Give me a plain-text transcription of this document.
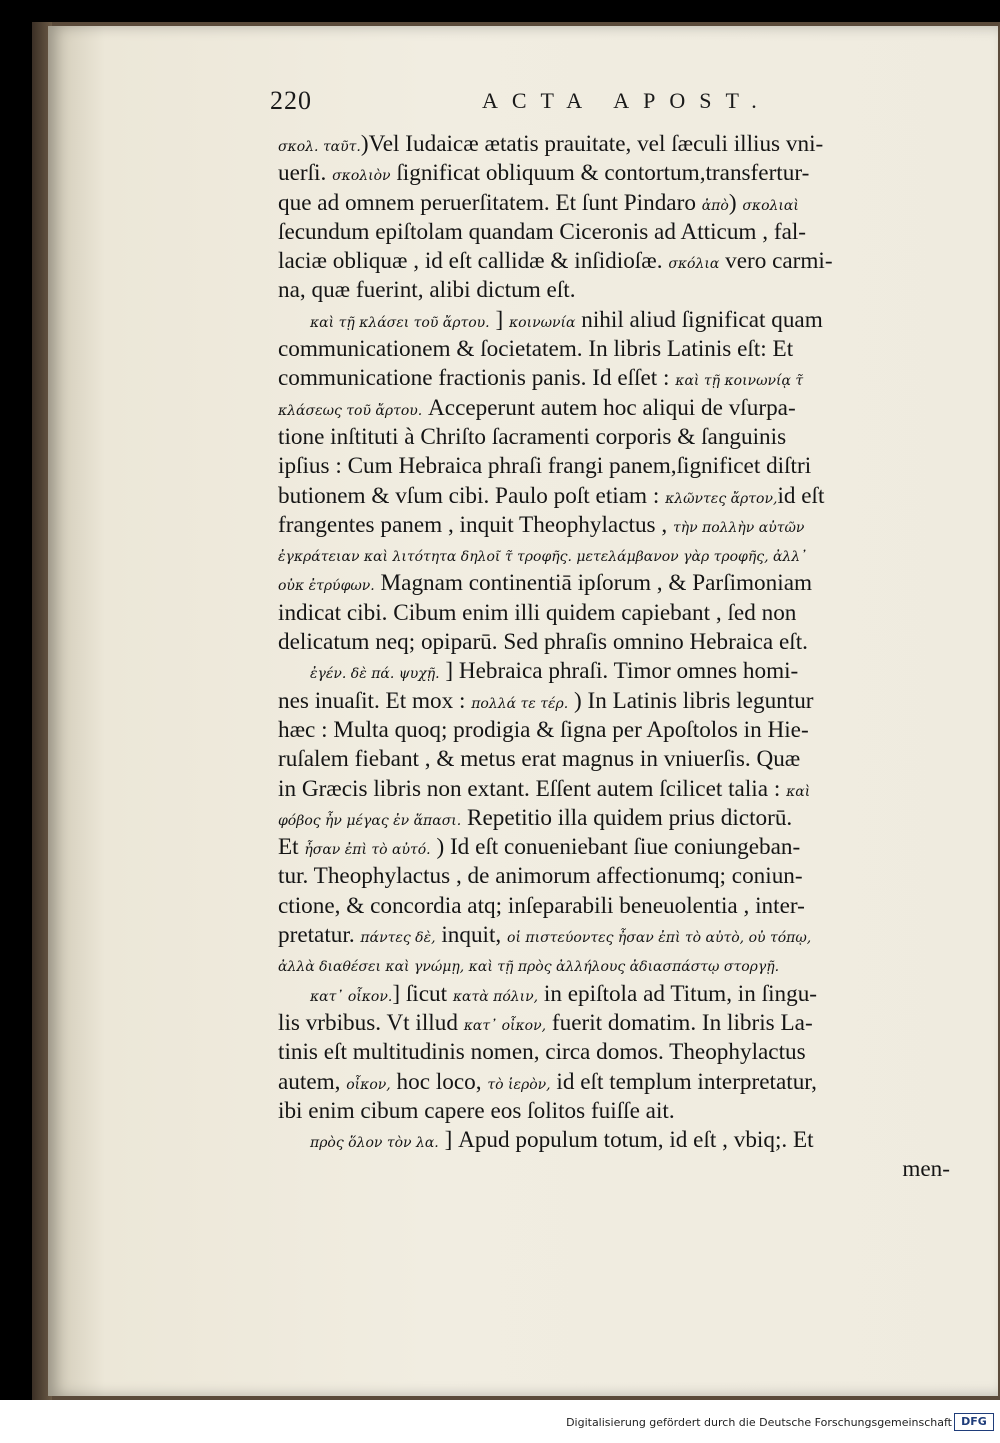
220	ACTA APOST.
σκολ. ταῦτ.)Vel Iudaicæ ætatis prauitate, vel ſæculi illius vni-
uerſi. σκολιὸν ſignificat obliquum & contortum,transfertur-
que ad omnem peruerſitatem. Et ſunt Pindaro ἀπὸ) σκολιαὶ
ſecundum epiſtolam quandam Ciceronis ad Atticum , fal-
laciæ obliquæ , id eſt callidæ & inſidioſæ. σκόλια vero carmi-
na, quæ fuerint, alibi dictum eſt.
καὶ τῇ κλάσει τοῦ ἄρτου. ] κοινωνία nihil aliud ſignificat quam
communicationem & ſocietatem. In libris Latinis eſt: Et
communicatione fractionis panis. Id eſſet : καὶ τῇ κοινωνίᾳ τ̃
κλάσεως τοῦ ἄρτου. Acceperunt autem hoc aliqui de vſurpa-
tione inſtituti à Chriſto ſacramenti corporis & ſanguinis
ipſius : Cum Hebraica phraſi frangi panem,ſignificet diſtri
butionem & vſum cibi. Paulo poſt etiam : κλῶντες ἄρτον,id eſt
frangentes panem , inquit Theophylactus , τὴν πολλὴν αὐτῶν
ἐγκράτειαν καὶ λιτότητα δηλοῖ τ̃ τροφῆς. μετελάμβανον γὰρ τροφῆς, ἀλλ᾽
οὐκ ἐτρύφων. Magnam continentiā ipſorum , & Parſimoniam
indicat cibi. Cibum enim illi quidem capiebant , ſed non
delicatum neq; opiparū. Sed phraſis omnino Hebraica eſt.
ἐγέν. δὲ πά. ψυχῇ. ] Hebraica phraſi. Timor omnes homi-
nes inuaſit. Et mox : πολλά τε τέρ. ) In Latinis libris leguntur
hæc : Multa quoq; prodigia & ſigna per Apoſtolos in Hie-
ruſalem fiebant , & metus erat magnus in vniuerſis. Quæ
in Græcis libris non extant. Eſſent autem ſcilicet talia : καὶ
φόβος ἦν μέγας ἐν ἅπασι. Repetitio illa quidem prius dictorū.
Et ἦσαν ἐπὶ τὸ αὐτό. ) Id eſt conueniebant ſiue coniungeban-
tur. Theophylactus , de animorum affectionumq; coniun-
ctione, & concordia atq; inſeparabili beneuolentia , inter-
pretatur. πάντες δὲ, inquit, οἱ πιστεύοντες ἦσαν ἐπὶ τὸ αὐτὸ, οὐ τόπῳ,
ἀλλὰ διαθέσει καὶ γνώμῃ, καὶ τῇ πρὸς ἀλλήλους ἀδιασπάστῳ στοργῇ.
κατ᾽ οἶκον.] ſicut κατὰ πόλιν, in epiſtola ad Titum, in ſingu-
lis vrbibus. Vt illud κατ᾽ οἶκον, fuerit domatim. In libris La-
tinis eſt multitudinis nomen, circa domos. Theophylactus
autem, οἶκον, hoc loco, τὸ ἱερὸν, id eſt templum interpretatur,
ibi enim cibum capere eos ſolitos fuiſſe ait.
πρὸς ὅλον τὸν λα. ] Apud populum totum, id eſt , vbiq;. Et
men-
Digitalisierung gefördert durch die Deutsche Forschungsgemeinschaft DFG
